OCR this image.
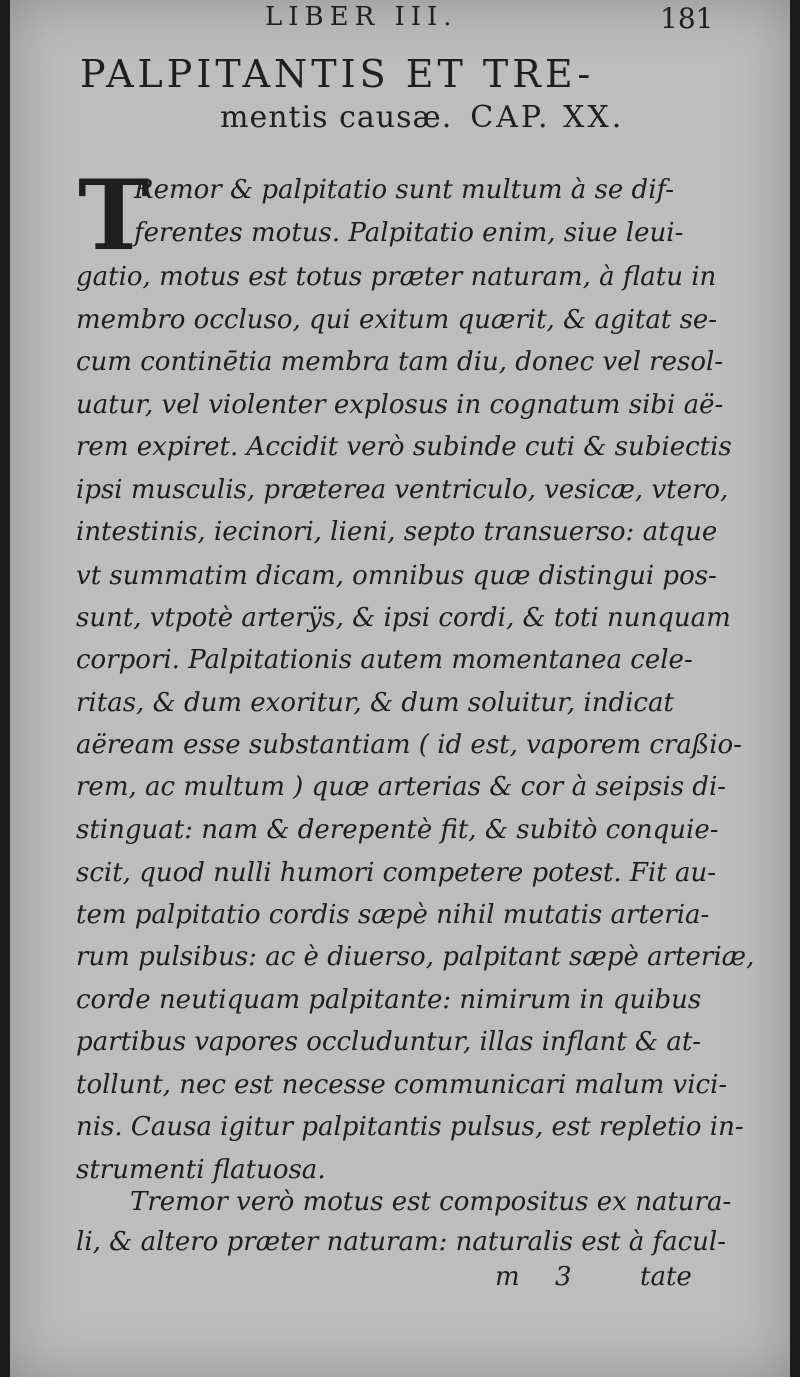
LIBER III.	181
PALPITANTIS ET TRE-
mentis causæ. CAP. XX.
T
Remor & palpitatio sunt multum à se dif-
ferentes motus. Palpitatio enim, siue leui-
gatio, motus est totus præter naturam, à flatu in
membro occluso, qui exitum quærit, & agitat se-
cum continētia membra tam diu, donec vel resol-
uatur, vel violenter explosus in cognatum sibi aë-
rem expiret. Accidit verò subinde cuti & subiectis
ipsi musculis, præterea ventriculo, vesicæ, vtero,
intestinis, iecinori, lieni, septo transuerso: atque
vt summatim dicam, omnibus quæ distingui pos-
sunt, vtpotè arterÿs, & ipsi cordi, & toti nunquam
corpori. Palpitationis autem momentanea cele-
ritas, & dum exoritur, & dum soluitur, indicat
aëream esse substantiam ( id est, vaporem craßio-
rem, ac multum ) quæ arterias & cor à seipsis di-
stinguat: nam & derepentè fit, & subitò conquie-
scit, quod nulli humori competere potest. Fit au-
tem palpitatio cordis sæpè nihil mutatis arteria-
rum pulsibus: ac è diuerso, palpitant sæpè arteriæ,
corde neutiquam palpitante: nimirum in quibus
partibus vapores occluduntur, illas inflant & at-
tollunt, nec est necesse communicari malum vici-
nis. Causa igitur palpitantis pulsus, est repletio in-
strumenti flatuosa.
Tremor verò motus est compositus ex natura-
li, & altero præter naturam: naturalis est à facul-
m 3	tate
